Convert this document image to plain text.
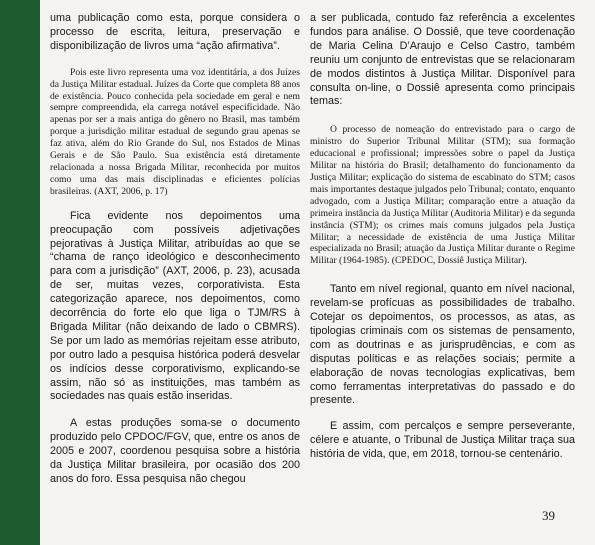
uma publicação como esta, porque considera o processo de escrita, leitura, preservação e disponibilização de livros uma “ação afirmativa”.

Pois este livro representa uma voz identitária, a dos Juízes da Justiça Militar estadual. Juízes da Corte que completa 88 anos de existência. Pouco conhecida pela sociedade em geral e nem sempre compreendida, ela carrega notável especificidade. Não apenas por ser a mais antiga do gênero no Brasil, mas também porque a jurisdição militar estadual de segundo grau apenas se faz ativa, além do Rio Grande do Sul, nos Estados de Minas Gerais e de São Paulo. Sua existência está diretamente relacionada a nossa Brigada Militar, reconhecida por muitos como uma das mais disciplinadas e eficientes polícias brasileiras. (AXT, 2006, p. 17)

Fica evidente nos depoimentos uma preocupação com possíveis adjetivações pejorativas à Justiça Militar, atribuídas ao que se “chama de ranço ideológico e desconhecimento para com a jurisdição” (AXT, 2006, p. 23), acusada de ser, muitas vezes, corporativista. Esta categorização aparece, nos depoimentos, como decorrência do forte elo que liga o TJM/RS à Brigada Militar (não deixando de lado o CBMRS). Se por um lado as memórias rejeitam esse atributo, por outro lado a pesquisa histórica poderá desvelar os indícios desse corporativismo, explicando-se assim, não só as instituições, mas também as sociedades nas quais estão inseridas.

A estas produções soma-se o documento produzido pelo CPDOC/FGV, que, entre os anos de 2005 e 2007, coordenou pesquisa sobre a história da Justiça Militar brasileira, por ocasião dos 200 anos do foro. Essa pesquisa não chegou

a ser publicada, contudo faz referência a excelentes fundos para análise. O Dossiê, que teve coordenação de Maria Celina D’Araujo e Celso Castro, também reuniu um conjunto de entrevistas que se relacionaram de modos distintos à Justiça Militar. Disponível para consulta on-line, o Dossiê apresenta como principais temas:

O processo de nomeação do entrevistado para o cargo de ministro do Superior Tribunal Militar (STM); sua formação educacional e profissional; impressões sobre o papel da Justiça Militar na história do Brasil; detalhamento do funcionamento da Justiça Militar; explicação do sistema de escabinato do STM; casos mais importantes destaque julgados pelo Tribunal; contato, enquanto advogado, com a Justiça Militar; comparação entre a atuação da primeira instância da Justiça Militar (Auditoria Militar) e da segunda instância (STM); os crimes mais comuns julgados pela Justiça Militar; a necessidade de existência de uma Justiça Militar especializada no Brasil; atuação da Justiça Militar durante o Regime Militar (1964-1985). (CPEDOC, Dossiê Justiça Militar).

Tanto em nível regional, quanto em nível nacional, revelam-se profícuas as possibilidades de trabalho. Cotejar os depoimentos, os processos, as atas, as tipologias criminais com os sistemas de pensamento, com as doutrinas e as jurisprudências, e com as disputas políticas e as relações sociais; permite a elaboração de novas tecnologias explicativas, bem como ferramentas interpretativas do passado e do presente.

E assim, com percalços e sempre perseverante, célere e atuante, o Tribunal de Justiça Militar traça sua história de vida, que, em 2018, tornou-se centenário.

39
